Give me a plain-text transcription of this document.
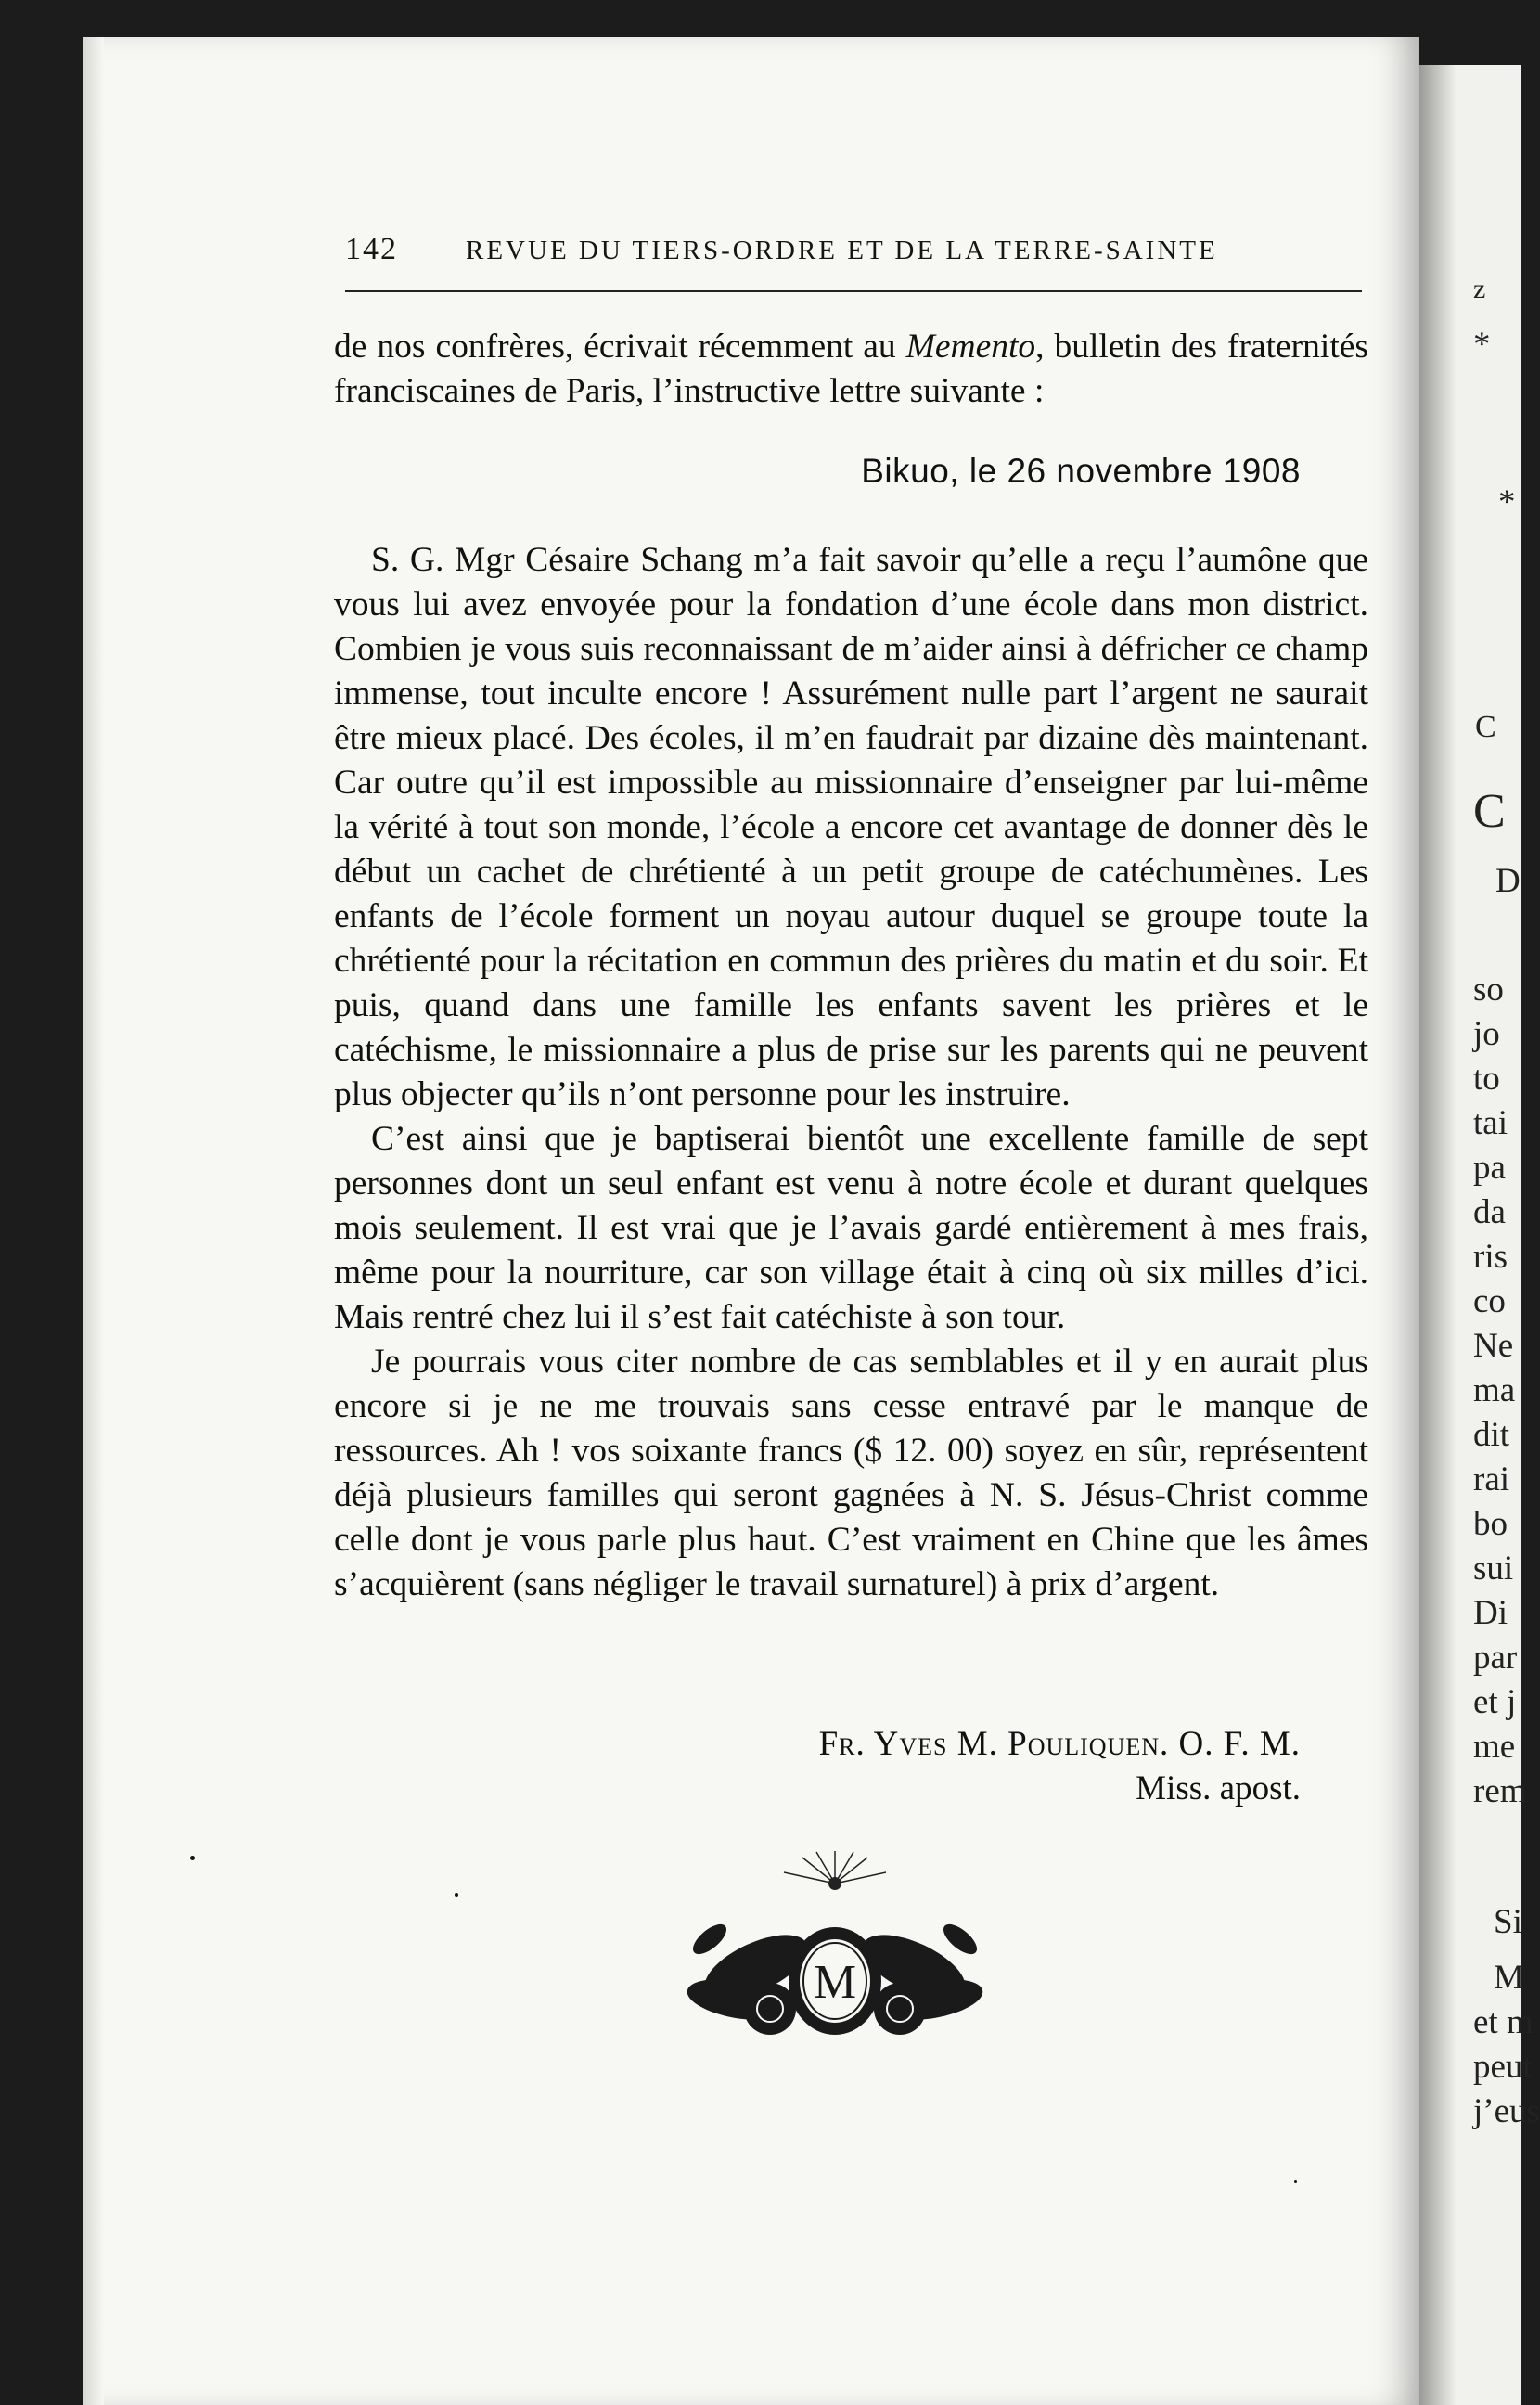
z
*
*
C
C
D
so
jo
to
tai
pa
da
ris
co
Ne
ma
dit
rai
bo
sui
Di
par
et j
me
rem
Si
M
et m
peut
j’eus
142	REVUE DU TIERS-ORDRE ET DE LA TERRE-SAINTE

de nos confrères, écrivait récemment au Memento, bulletin des fraternités franciscaines de Paris, l’instructive lettre suivante :

Bikuo, le 26 novembre 1908

S. G. Mgr Césaire Schang m’a fait savoir qu’elle a reçu l’aumône que vous lui avez envoyée pour la fondation d’une école dans mon district. Combien je vous suis reconnaissant de m’aider ainsi à défricher ce champ immense, tout inculte encore ! Assurément nulle part l’argent ne saurait être mieux placé. Des écoles, il m’en faudrait par dizaine dès maintenant. Car outre qu’il est impossible au missionnaire d’enseigner par lui-même la vérité à tout son monde, l’école a encore cet avantage de donner dès le début un cachet de chrétienté à un petit groupe de catéchumènes. Les enfants de l’école forment un noyau autour duquel se groupe toute la chrétienté pour la récitation en commun des prières du matin et du soir. Et puis, quand dans une famille les enfants savent les prières et le catéchisme, le missionnaire a plus de prise sur les parents qui ne peuvent plus objecter qu’ils n’ont personne pour les instruire.

C’est ainsi que je baptiserai bientôt une excellente famille de sept personnes dont un seul enfant est venu à notre école et durant quelques mois seulement. Il est vrai que je l’avais gardé entièrement à mes frais, même pour la nourriture, car son village était à cinq où six milles d’ici. Mais rentré chez lui il s’est fait catéchiste à son tour.

Je pourrais vous citer nombre de cas semblables et il y en aurait plus encore si je ne me trouvais sans cesse entravé par le manque de ressources. Ah ! vos soixante francs ($ 12. 00) soyez en sûr, représentent déjà plusieurs familles qui seront gagnées à N. S. Jésus-Christ comme celle dont je vous parle plus haut. C’est vraiment en Chine que les âmes s’acquièrent (sans négliger le travail surnaturel) à prix d’argent.

Fr. Yves M. Pouliquen. O. F. M.
Miss. apost.
M
